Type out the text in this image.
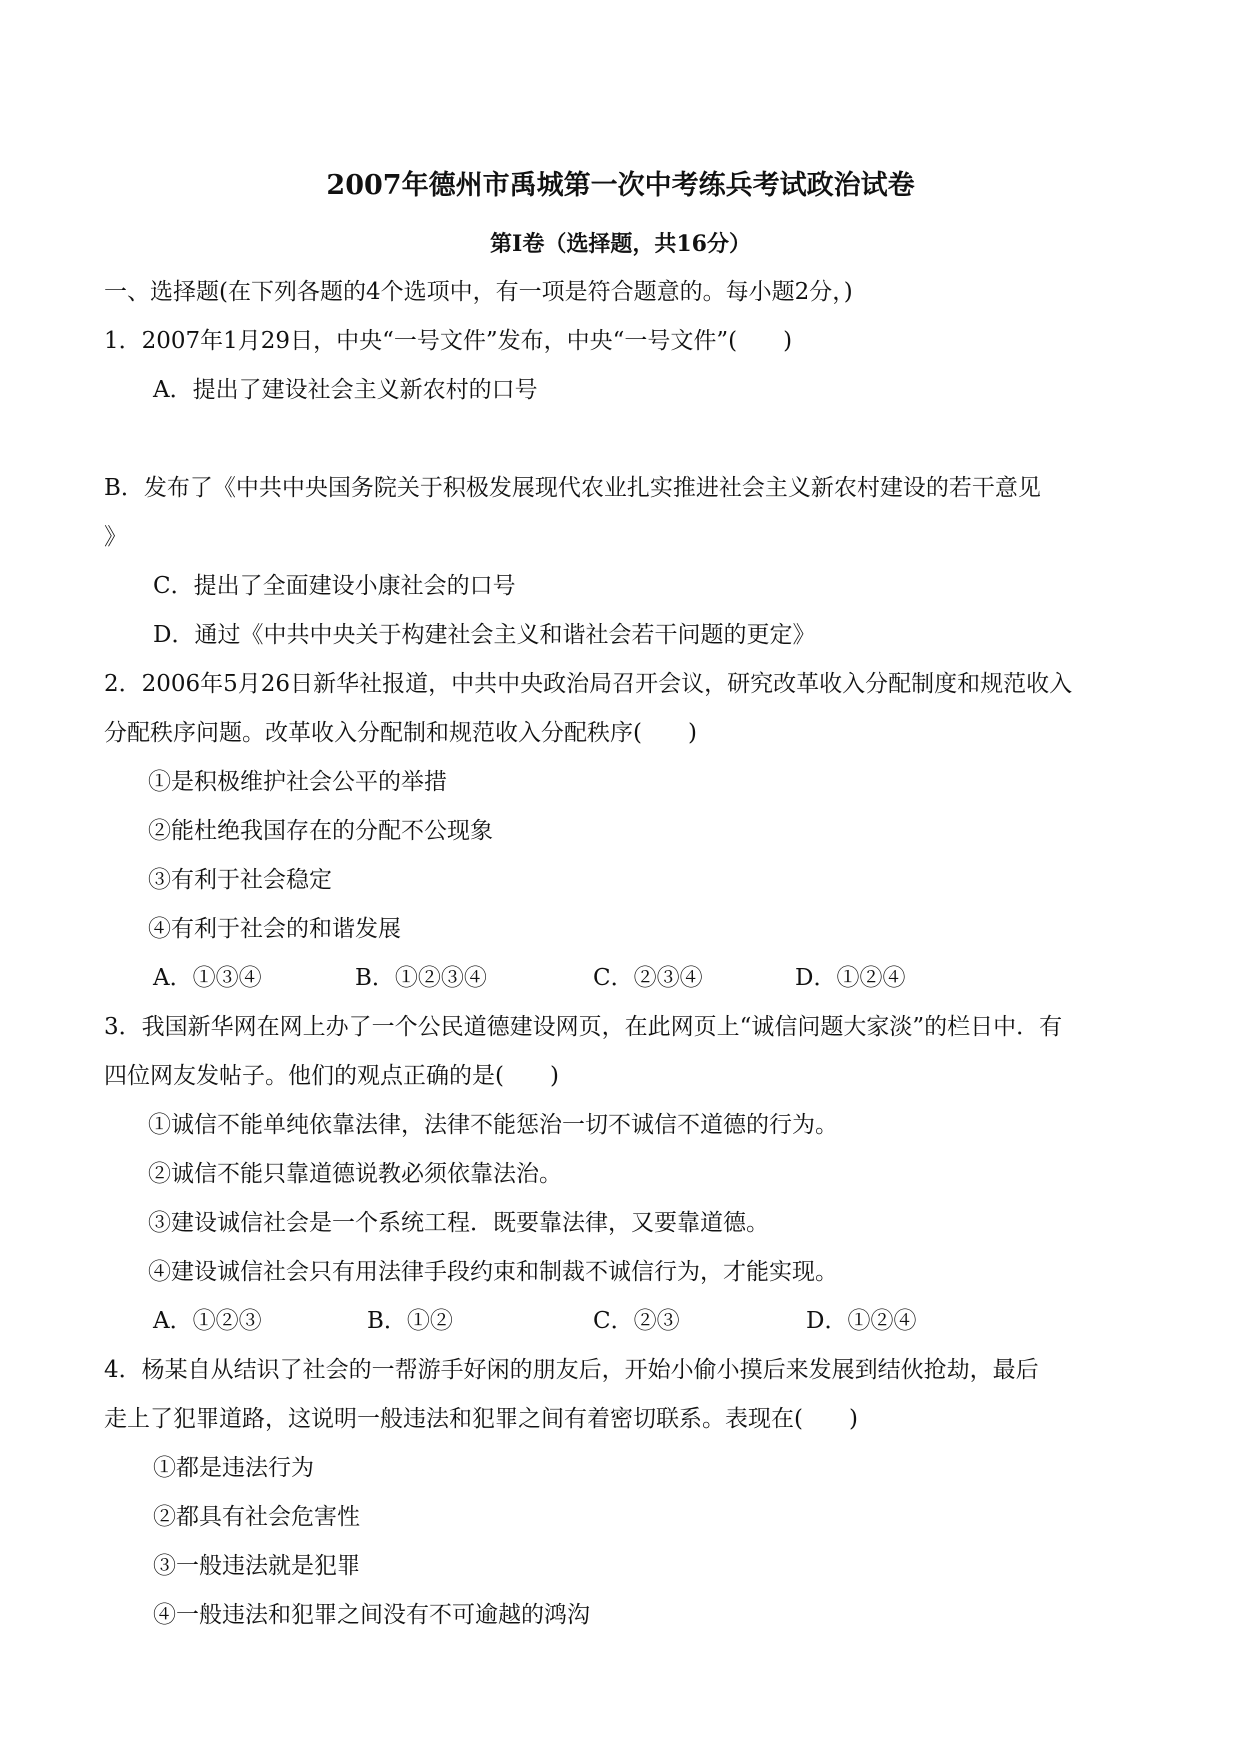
2007年德州市禹城第一次中考练兵考试政治试卷
第Ⅰ卷（选择题，共16分）
一、选择题(在下列各题的4个选项中，有一项是符合题意的。每小题2分，)
1．2007年1月29日，中央“一号文件”发布，中央“一号文件”(　　)
A．提出了建设社会主义新农村的口号
B．发布了《中共中央国务院关于积极发展现代农业扎实推进社会主义新农村建设的若干意见
》
C．提出了全面建设小康社会的口号
D．通过《中共中央关于构建社会主义和谐社会若干问题的更定》
2．2006年5月26日新华社报道，中共中央政治局召开会议，研究改革收入分配制度和规范收入
分配秩序问题。改革收入分配制和规范收入分配秩序(　　)
①是积极维护社会公平的举措
②能杜绝我国存在的分配不公现象
③有利于社会稳定
④有利于社会的和谐发展
A．①③④	B．①②③④	C．②③④	D．①②④
3．我国新华网在网上办了一个公民道德建设网页，在此网页上“诚信问题大家淡”的栏日中．有
四位网友发帖子。他们的观点正确的是(　　)
①诚信不能单纯依靠法律，法律不能惩治一切不诚信不道德的行为。
②诚信不能只靠道德说教必须依靠法治。
③建设诚信社会是一个系统工程．既要靠法律，又要靠道德。
④建设诚信社会只有用法律手段约束和制裁不诚信行为，才能实现。
A．①②③	B．①②	C．②③	D．①②④
4．杨某自从结识了社会的一帮游手好闲的朋友后，开始小偷小摸后来发展到结伙抢劫，最后
走上了犯罪道路，这说明一般违法和犯罪之间有着密切联系。表现在(　　)
①都是违法行为
②都具有社会危害性
③一般违法就是犯罪
④一般违法和犯罪之间没有不可逾越的鸿沟
